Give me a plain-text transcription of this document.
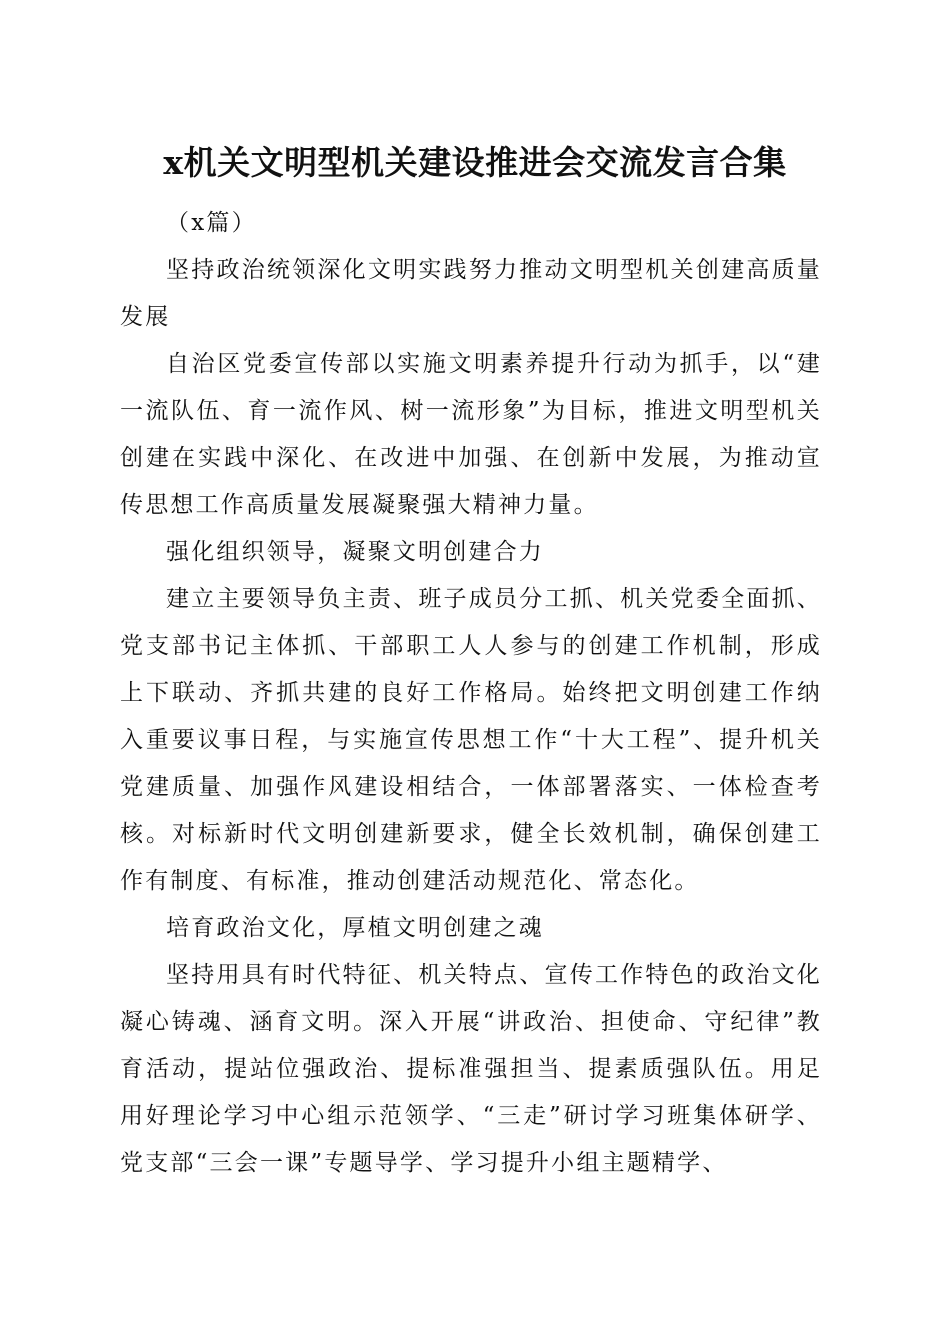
x机关文明型机关建设推进会交流发言合集

（x篇）

坚持政治统领深化文明实践努力推动文明型机关创建高质量发展

自治区党委宣传部以实施文明素养提升行动为抓手，以“建一流队伍、育一流作风、树一流形象”为目标，推进文明型机关创建在实践中深化、在改进中加强、在创新中发展，为推动宣传思想工作高质量发展凝聚强大精神力量。

强化组织领导，凝聚文明创建合力

建立主要领导负主责、班子成员分工抓、机关党委全面抓、党支部书记主体抓、干部职工人人参与的创建工作机制，形成上下联动、齐抓共建的良好工作格局。始终把文明创建工作纳入重要议事日程，与实施宣传思想工作“十大工程”、提升机关党建质量、加强作风建设相结合，一体部署落实、一体检查考核。对标新时代文明创建新要求，健全长效机制，确保创建工作有制度、有标准，推动创建活动规范化、常态化。

培育政治文化，厚植文明创建之魂

坚持用具有时代特征、机关特点、宣传工作特色的政治文化凝心铸魂、涵育文明。深入开展“讲政治、担使命、守纪律”教育活动，提站位强政治、提标准强担当、提素质强队伍。用足用好理论学习中心组示范领学、“三走”研讨学习班集体研学、党支部“三会一课”专题导学、学习提升小组主题精学、
